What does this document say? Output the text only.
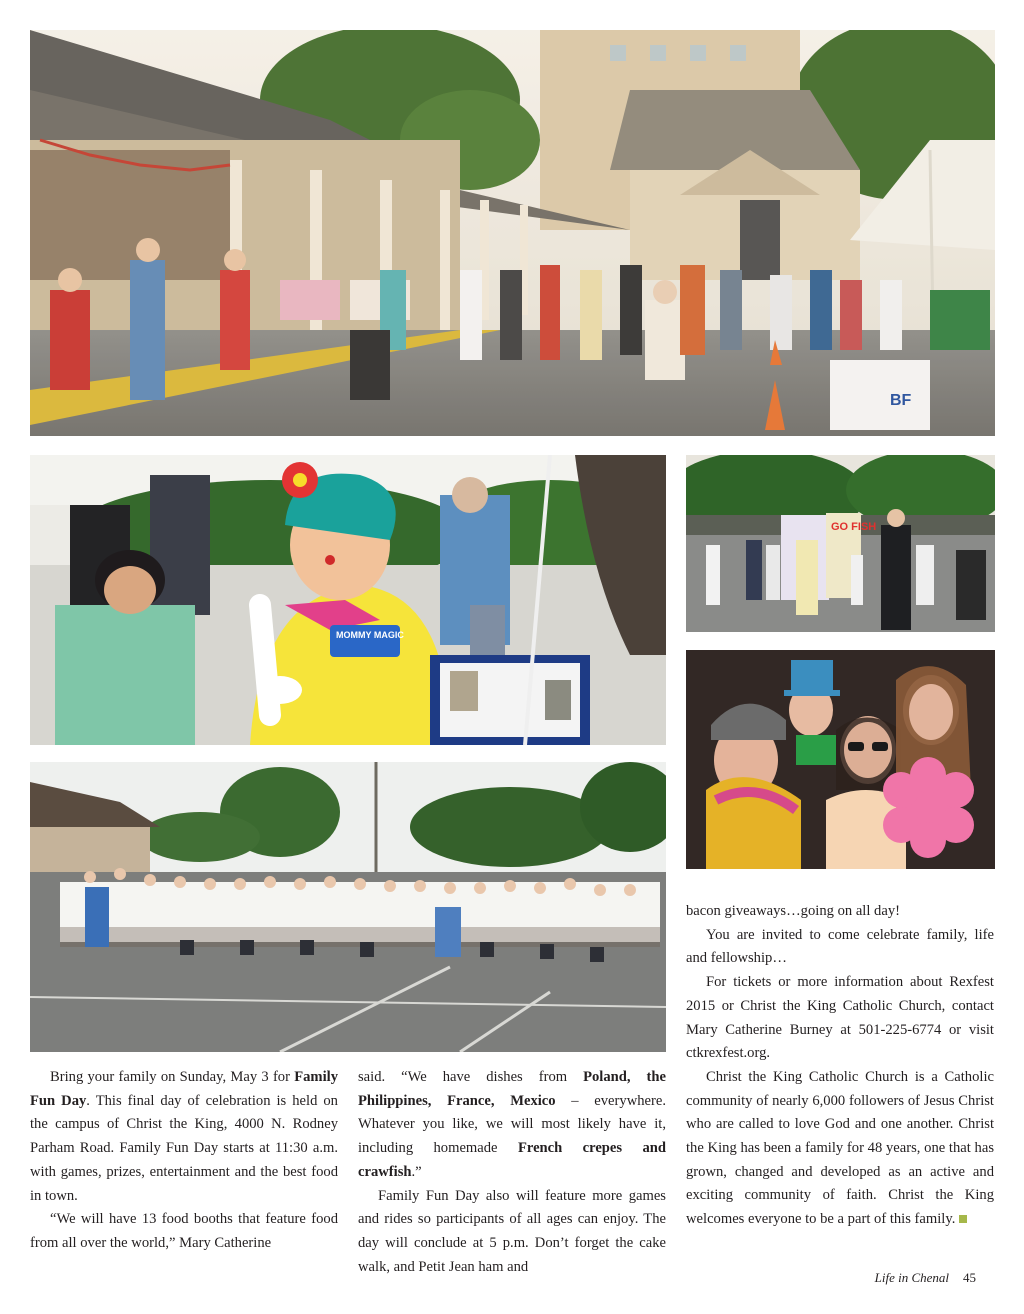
BF
MOMMY MAGIC
GO FISH

Bring your family on Sunday, May 3 for Family Fun Day. This final day of celebration is held on the campus of Christ the King, 4000 N. Rodney Parham Road. Family Fun Day starts at 11:30 a.m. with games, prizes, entertainment and the best food in town.

“We will have 13 food booths that feature food from all over the world,” Mary Catherine

said. “We have dishes from Poland, the Philippines, France, Mexico – everywhere. Whatever you like, we will most likely have it, including homemade French crepes and crawfish.”

Family Fun Day also will feature more games and rides so participants of all ages can enjoy. The day will conclude at 5 p.m. Don’t forget the cake walk, and Petit Jean ham and

bacon giveaways…going on all day!

You are invited to come celebrate family, life and fellowship…

For tickets or more information about Rexfest 2015 or Christ the King Catholic Church, contact Mary Catherine Burney at 501-225-6774 or visit ctkrexfest.org.

Christ the King Catholic Church is a Catholic community of nearly 6,000 followers of Jesus Christ who are called to love God and one another. Christ the King has been a family for 48 years, one that has grown, changed and developed as an active and exciting community of faith. Christ the King welcomes everyone to be a part of this family.

Life in Chenal 45
